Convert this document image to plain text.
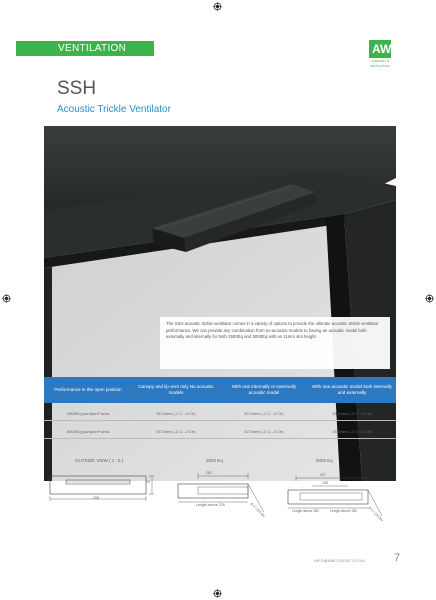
VENTILATION	AW
COMPANY &
VENTILATION
SSH
Acoustic Trickle Ventilator
The SSH acoustic trickle ventilator comes in a variety of options to provide the ultimate acoustic trickle ventilator performance. We can provide any combination from no-acoustic models to having an acoustic model both externally and internally for both 2500Eq and 5000Eq with an 11mm slot height.
Performance in the open position	Canopy and lip vent only No acoustic models	With one internally or externally acoustic model	With one acoustic model both internally and externally

2500Eq (sum)mm² area	36 Dnew (-1 C; -4 Ctr)	40 Dnew (-1 C; -3 Ctr)	43 Dnew (-0 C; -4 Ctr)

5000Eq (sum)mm² area	34 Dnew (-1 C; -2 Ctr)	42 Dnew (-1 C; -3 Ctr)	45 Dnew (-1 C; -4 Ctr)
OUTSIDE VIEW ( 1 : 5 )	2500 Eq	5000 Eq
258
20
282
Length above 228	Ø 4 / 225 BV
427
248
Length above 282	Length above 282	Ø 4 / 225 BV
INFO@AWCOVENT.CO.UK	7
